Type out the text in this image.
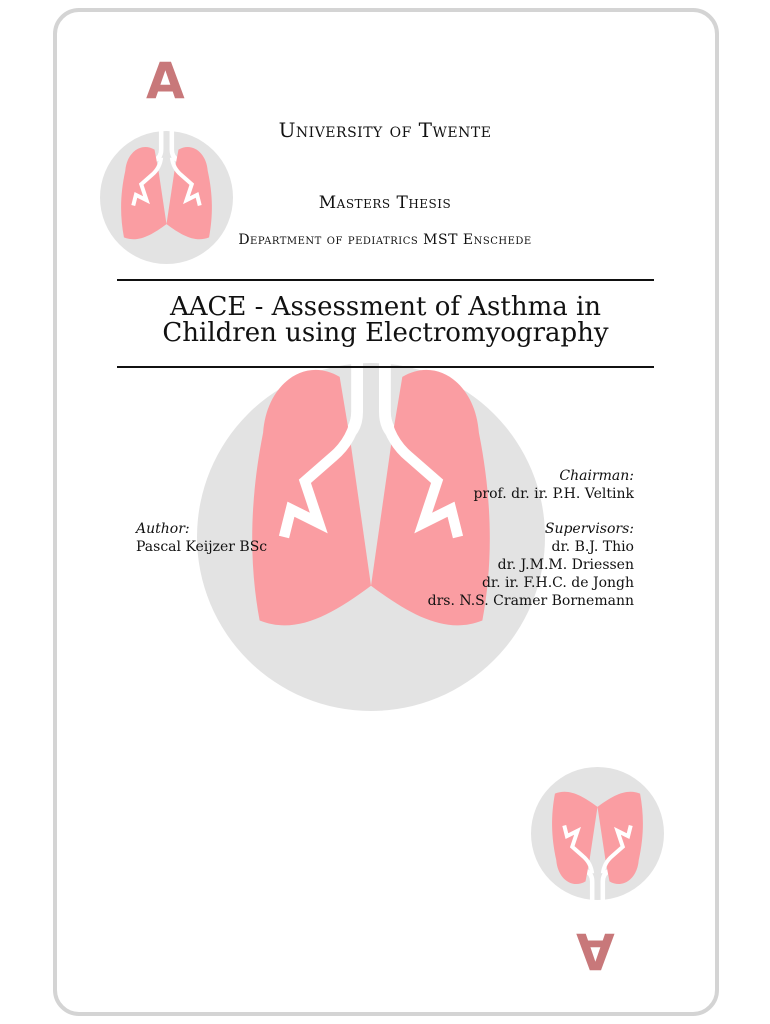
A
A
University of Twente
Masters Thesis
Department of pediatrics MST Enschede
AACE - Assessment of Asthma in
Children using Electromyography
Chairman:
prof. dr. ir. P.H. Veltink
Author:
Pascal Keijzer BSc
Supervisors:
dr. B.J. Thio
dr. J.M.M. Driessen
dr. ir. F.H.C. de Jongh
drs. N.S. Cramer Bornemann
